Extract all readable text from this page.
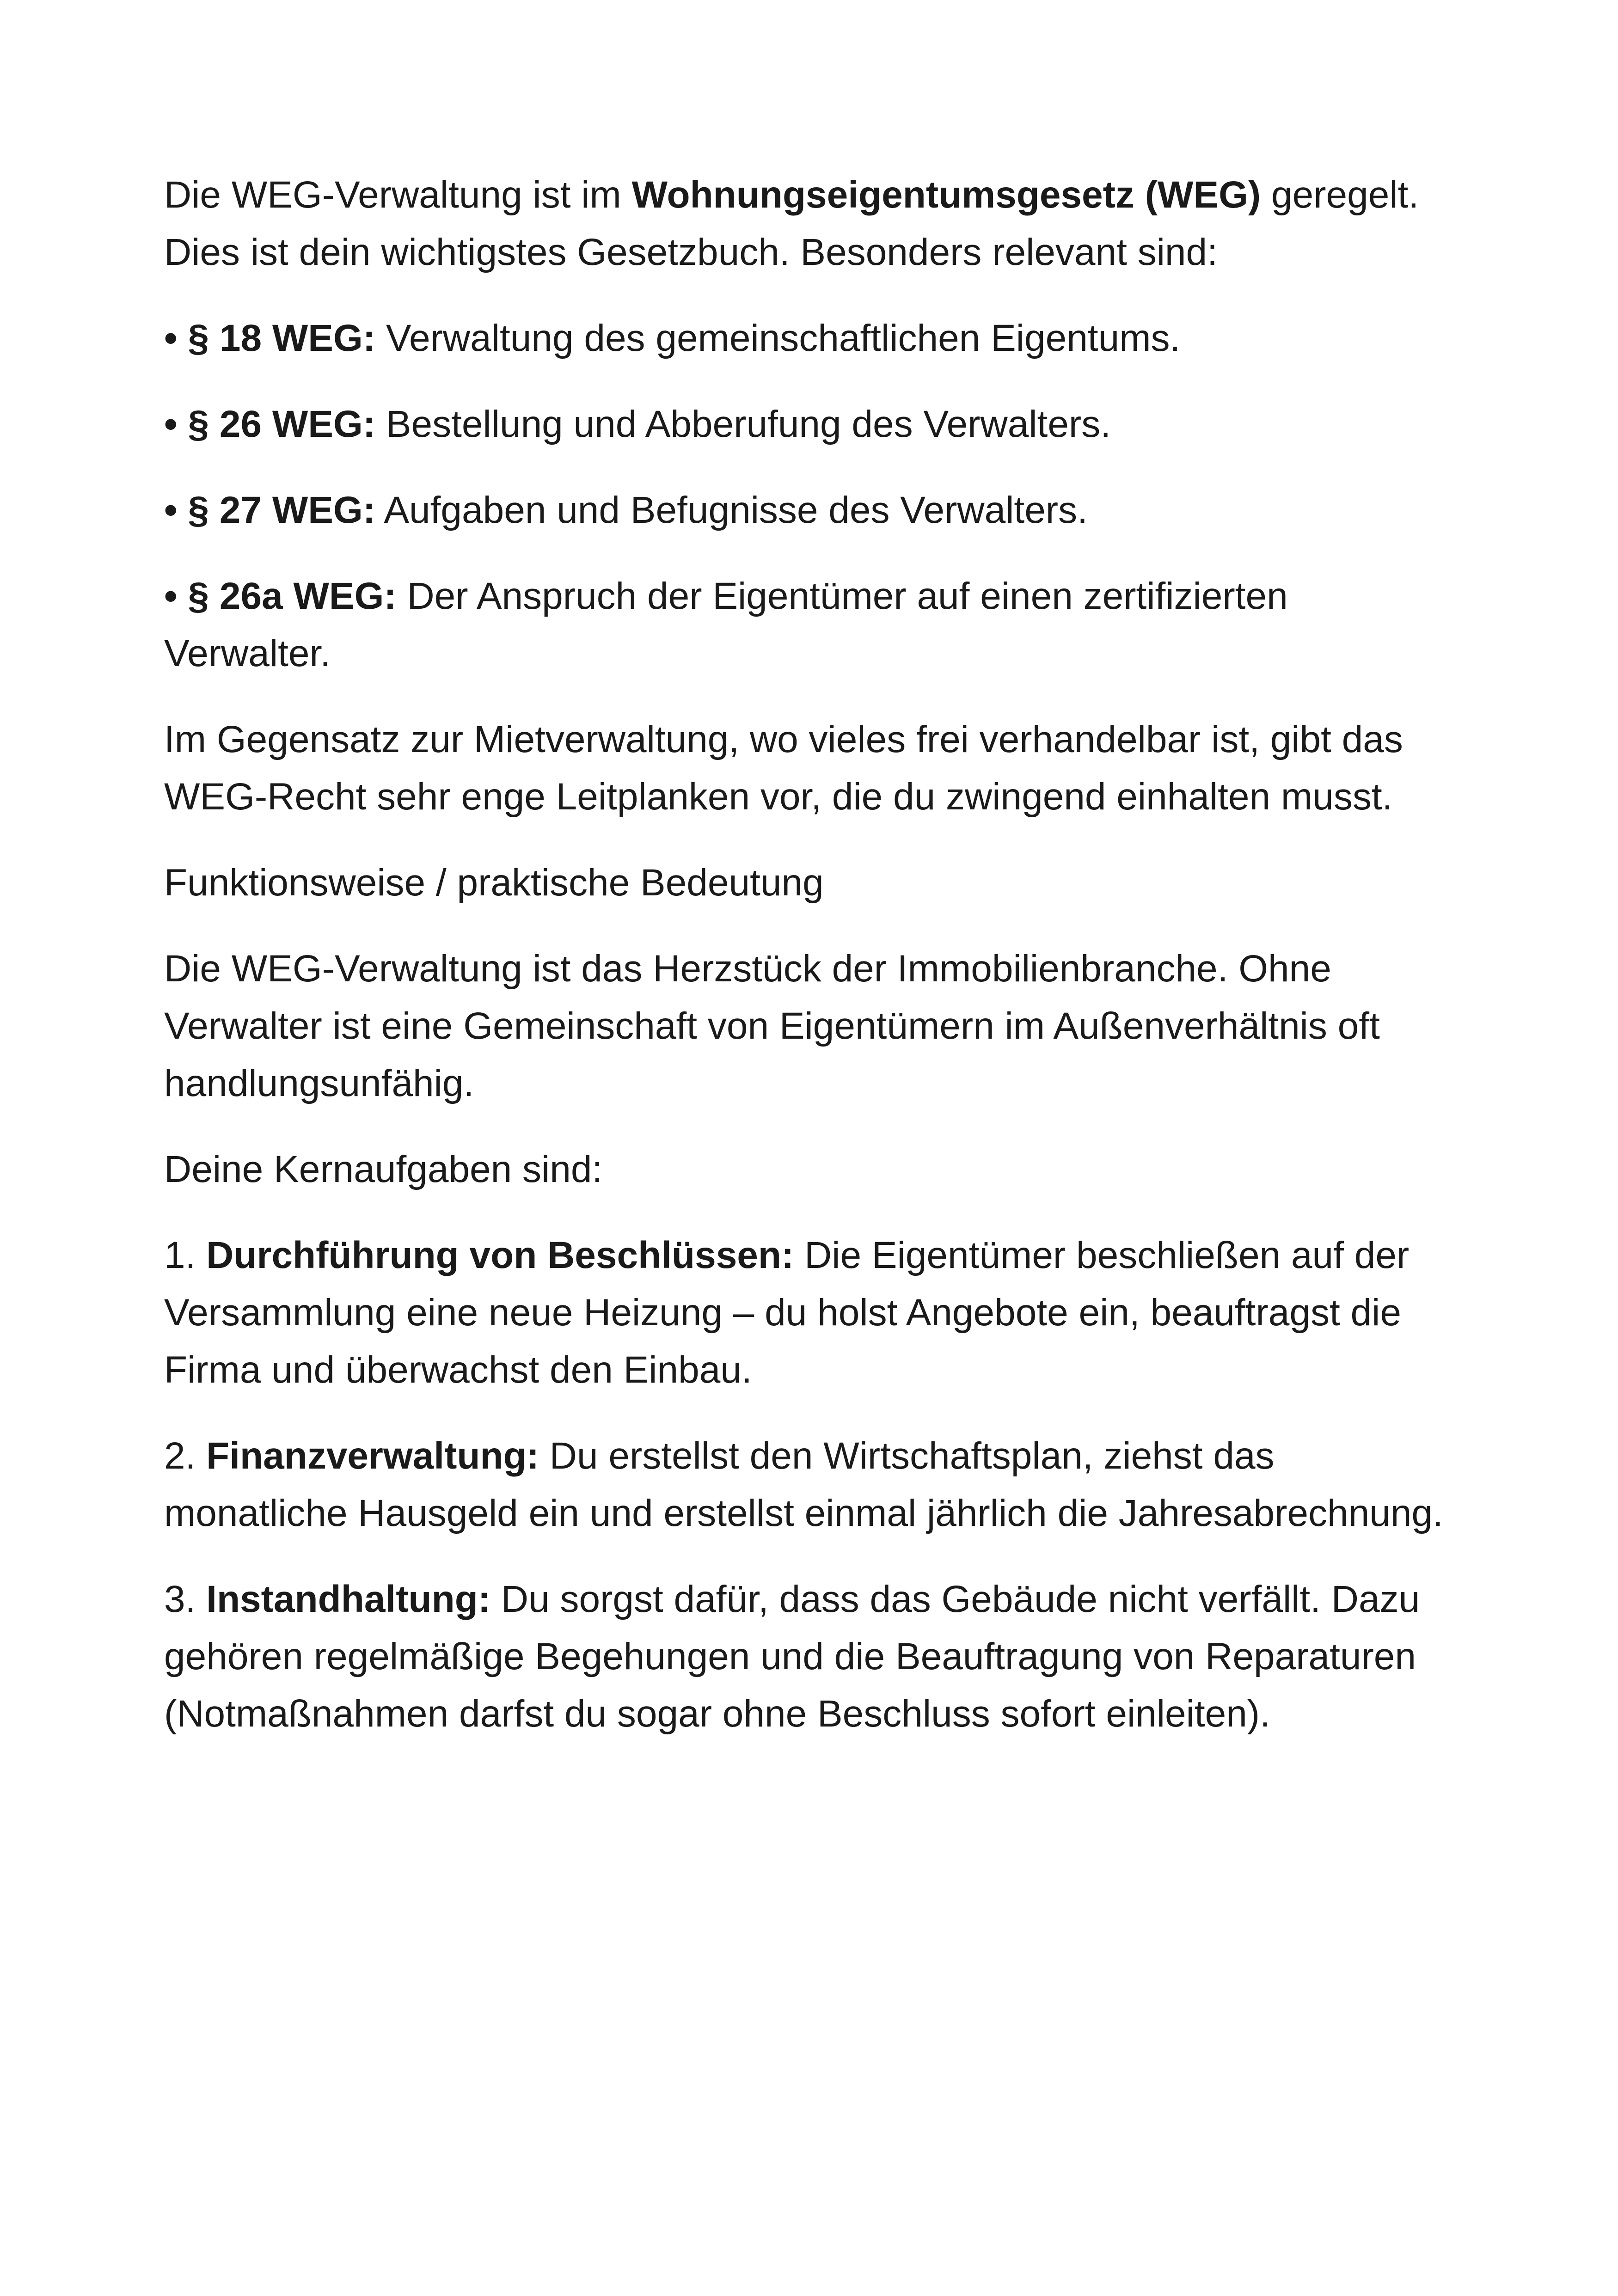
Die WEG-Verwaltung ist im Wohnungseigentumsgesetz (WEG) geregelt. Dies ist dein wichtigstes Gesetzbuch. Besonders relevant sind:

• § 18 WEG: Verwaltung des gemeinschaftlichen Eigentums.

• § 26 WEG: Bestellung und Abberufung des Verwalters.

• § 27 WEG: Aufgaben und Befugnisse des Verwalters.

• § 26a WEG: Der Anspruch der Eigentümer auf einen zertifizierten Verwalter.

Im Gegensatz zur Mietverwaltung, wo vieles frei verhandelbar ist, gibt das WEG-Recht sehr enge Leitplanken vor, die du zwingend einhalten musst.

Funktionsweise / praktische Bedeutung

Die WEG-Verwaltung ist das Herzstück der Immobilienbranche. Ohne Verwalter ist eine Gemeinschaft von Eigentümern im Außenverhältnis oft handlungsunfähig.

Deine Kernaufgaben sind:

1. Durchführung von Beschlüssen: Die Eigentümer beschließen auf der Versammlung eine neue Heizung – du holst Angebote ein, beauftragst die Firma und überwachst den Einbau.

2. Finanzverwaltung: Du erstellst den Wirtschaftsplan, ziehst das monatliche Hausgeld ein und erstellst einmal jährlich die Jahresabrechnung.

3. Instandhaltung: Du sorgst dafür, dass das Gebäude nicht verfällt. Dazu gehören regelmäßige Begehungen und die Beauftragung von Reparaturen (Notmaßnahmen darfst du sogar ohne Beschluss sofort einleiten).
